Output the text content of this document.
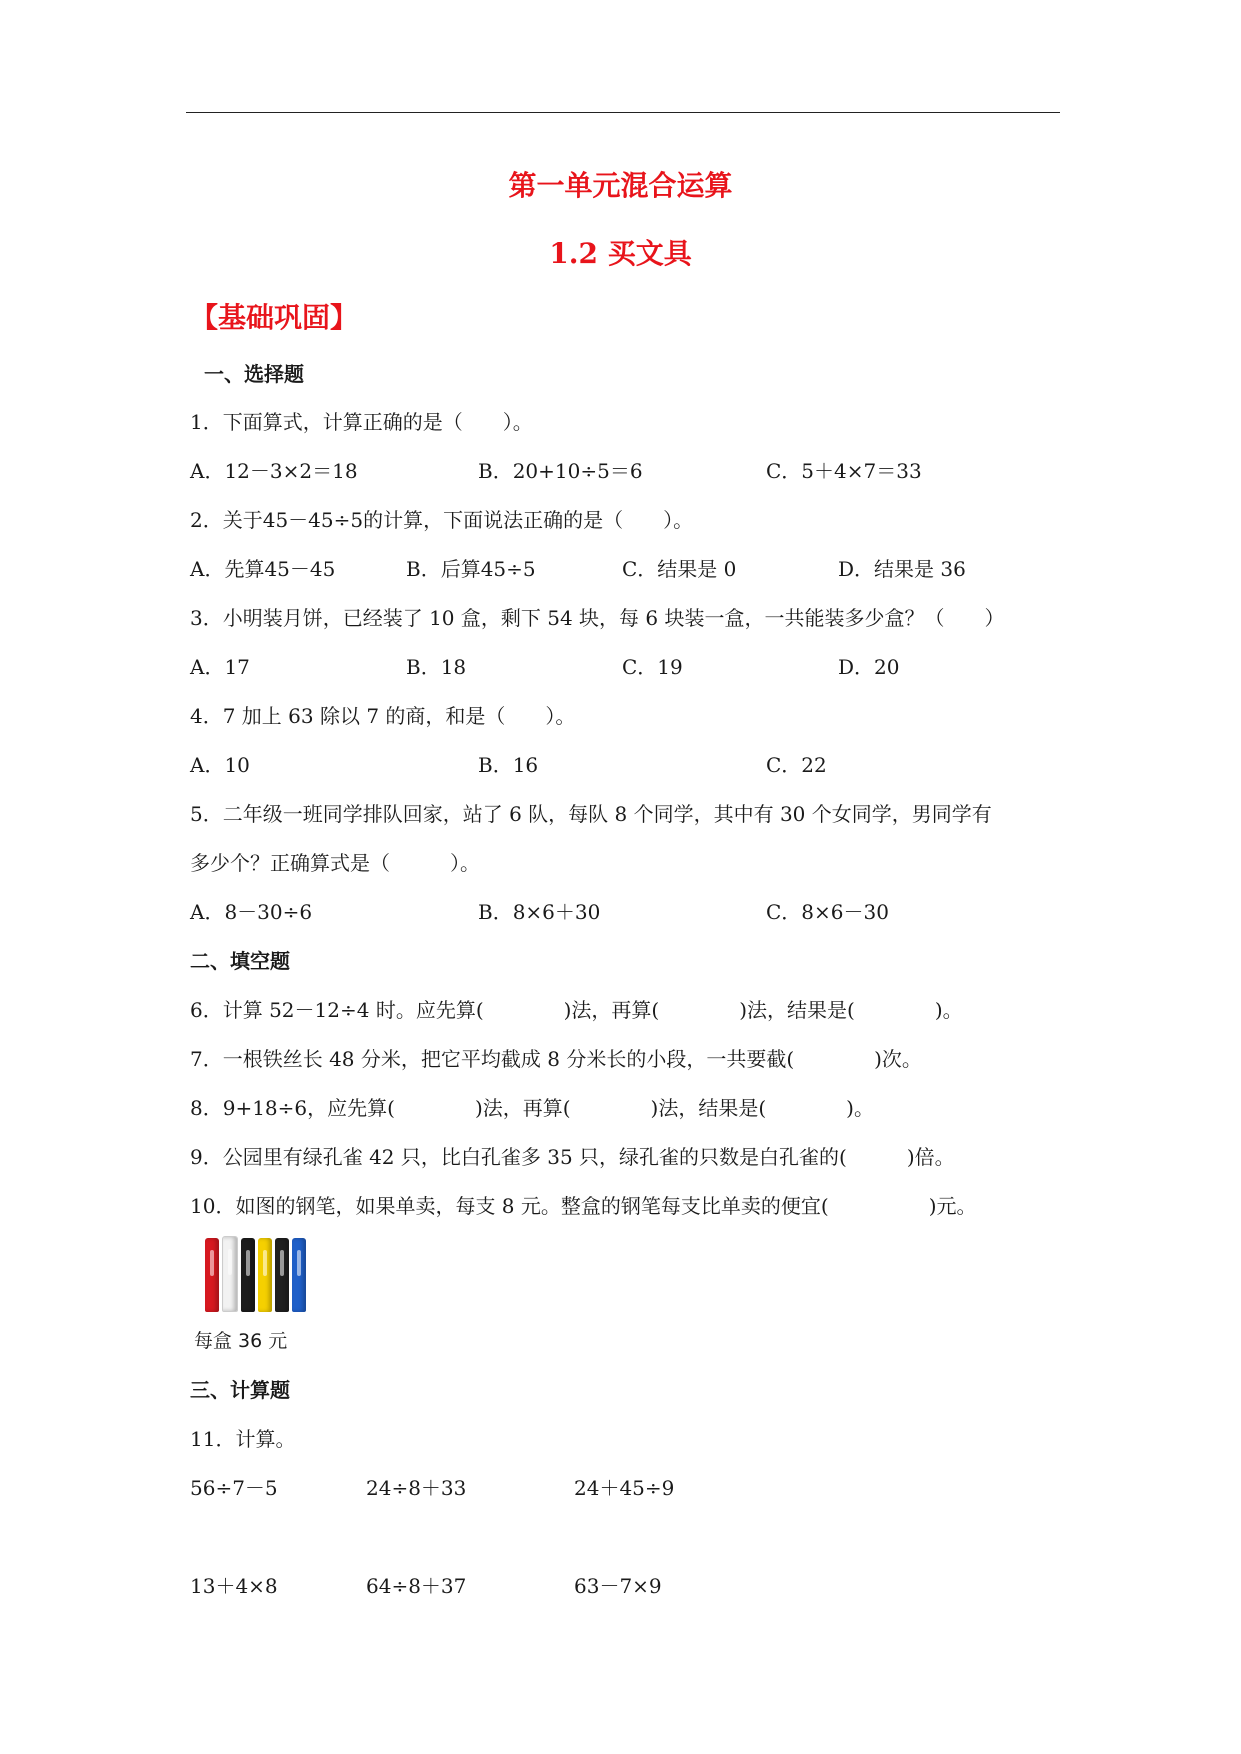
第一单元混合运算
1.2 买文具
【基础巩固】
一、选择题
1．下面算式，计算正确的是（　　）。
A．12－3×2＝18	B．20+10÷5＝6	C．5＋4×7＝33
2．关于45－45÷5的计算，下面说法正确的是（　　）。
A．先算45－45	B．后算45÷5	C．结果是 0	D．结果是 36
3．小明装月饼，已经装了 10 盒，剩下 54 块，每 6 块装一盒，一共能装多少盒？（　　）
A．17	B．18	C．19	D．20
4．7 加上 63 除以 7 的商，和是（　　）。
A．10	B．16	C．22
5．二年级一班同学排队回家，站了 6 队，每队 8 个同学，其中有 30 个女同学，男同学有
多少个？正确算式是（　　　）。
A．8－30÷6	B．8×6＋30	C．8×6－30
二、填空题
6．计算 52－12÷4 时。应先算(　　　　)法，再算(　　　　)法，结果是(　　　　)。
7．一根铁丝长 48 分米，把它平均截成 8 分米长的小段，一共要截(　　　　)次。
8．9+18÷6，应先算(　　　　)法，再算(　　　　)法，结果是(　　　　)。
9．公园里有绿孔雀 42 只，比白孔雀多 35 只，绿孔雀的只数是白孔雀的(　　　)倍。
10．如图的钢笔，如果单卖，每支 8 元。整盒的钢笔每支比单卖的便宜(　　　　　)元。
每盒 36 元
三、计算题
11．计算。
56÷7－5	24÷8＋33	24＋45÷9
13＋4×8	64÷8＋37	63－7×9
